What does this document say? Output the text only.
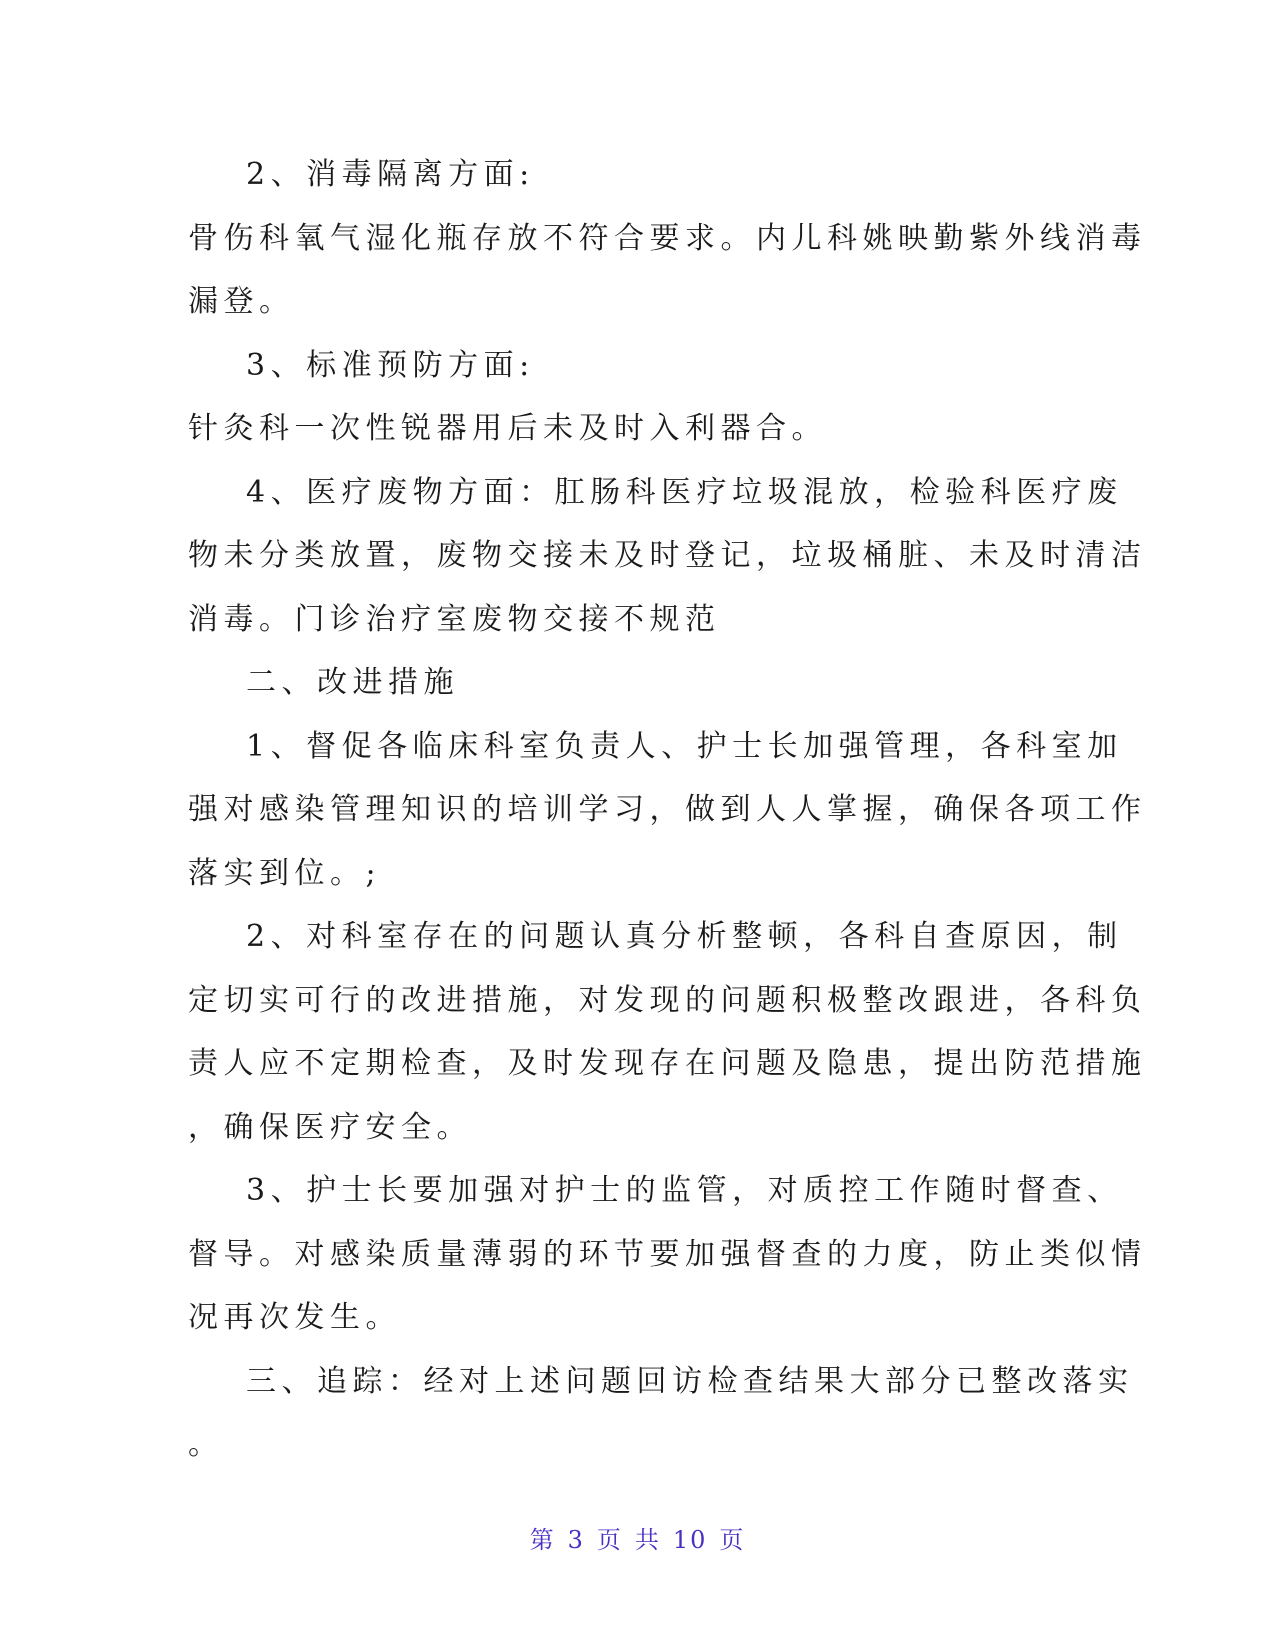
2、消毒隔离方面:
骨伤科氧气湿化瓶存放不符合要求。内儿科姚映勤紫外线消毒
漏登。
3、标准预防方面:
针灸科一次性锐器用后未及时入利器合。
4、医疗废物方面：肛肠科医疗垃圾混放，检验科医疗废
物未分类放置，废物交接未及时登记，垃圾桶脏、未及时清洁
消毒。门诊治疗室废物交接不规范
二、改进措施
1、督促各临床科室负责人、护士长加强管理，各科室加
强对感染管理知识的培训学习，做到人人掌握，确保各项工作
落实到位。;
2、对科室存在的问题认真分析整顿，各科自查原因，制
定切实可行的改进措施，对发现的问题积极整改跟进，各科负
责人应不定期检查，及时发现存在问题及隐患，提出防范措施
，确保医疗安全。
3、护士长要加强对护士的监管，对质控工作随时督查、
督导。对感染质量薄弱的环节要加强督查的力度，防止类似情
况再次发生。
三、追踪：经对上述问题回访检查结果大部分已整改落实
。
第 3 页 共 10 页
